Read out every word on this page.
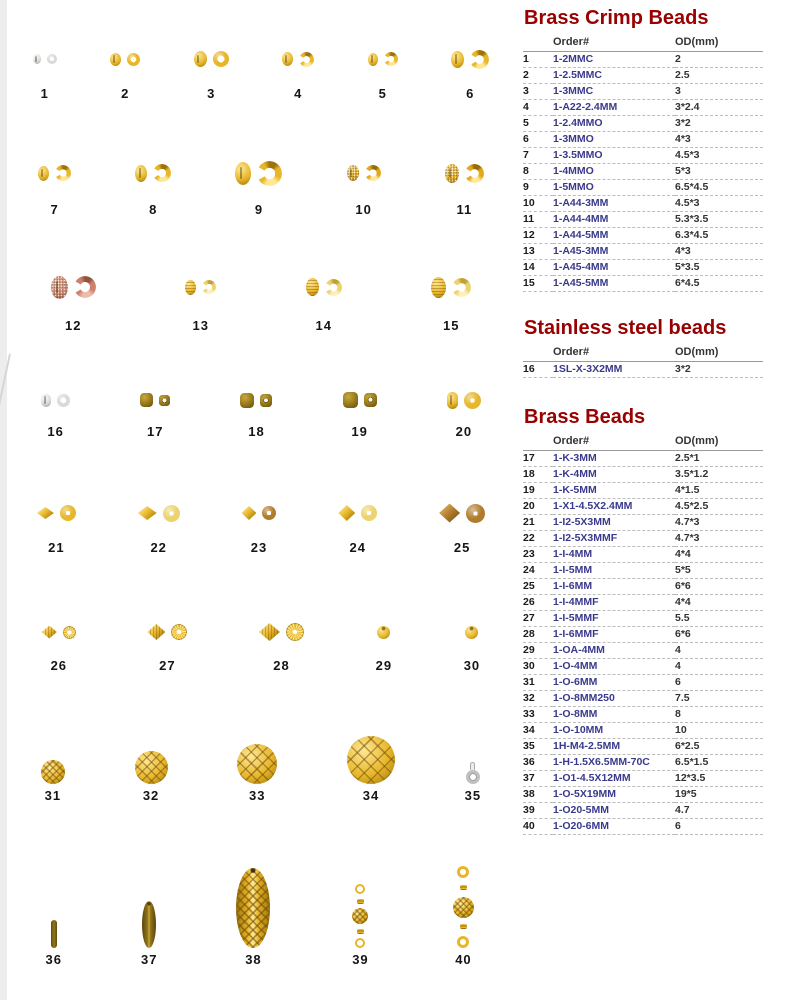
1	2	3	4	5	6
7	8	9	10	11
12	13	14	15
16	17	18	19	20
21	22	23	24	25
26	27	28	29	30
31	32	33	34	35
36	37	38	39	40
Brass Crimp Beads
	Order#	OD(mm)
1	1-2MMC	2
2	1-2.5MMC	2.5
3	1-3MMC	3
4	1-A22-2.4MM	3*2.4
5	1-2.4MMO	3*2
6	1-3MMO	4*3
7	1-3.5MMO	4.5*3
8	1-4MMO	5*3
9	1-5MMO	6.5*4.5
10	1-A44-3MM	4.5*3
11	1-A44-4MM	5.3*3.5
12	1-A44-5MM	6.3*4.5
13	1-A45-3MM	4*3
14	1-A45-4MM	5*3.5
15	1-A45-5MM	6*4.5
Stainless steel beads
	Order#	OD(mm)
16	1SL-X-3X2MM	3*2
Brass Beads
	Order#	OD(mm)
17	1-K-3MM	2.5*1
18	1-K-4MM	3.5*1.2
19	1-K-5MM	4*1.5
20	1-X1-4.5X2.4MM	4.5*2.5
21	1-I2-5X3MM	4.7*3
22	1-I2-5X3MMF	4.7*3
23	1-I-4MM	4*4
24	1-I-5MM	5*5
25	1-I-6MM	6*6
26	1-I-4MMF	4*4
27	1-I-5MMF	5.5
28	1-I-6MMF	6*6
29	1-OA-4MM	4
30	1-O-4MM	4
31	1-O-6MM	6
32	1-O-8MM250	7.5
33	1-O-8MM	8
34	1-O-10MM	10
35	1H-M4-2.5MM	6*2.5
36	1-H-1.5X6.5MM-70C	6.5*1.5
37	1-O1-4.5X12MM	12*3.5
38	1-O-5X19MM	19*5
39	1-O20-5MM	4.7
40	1-O20-6MM	6
